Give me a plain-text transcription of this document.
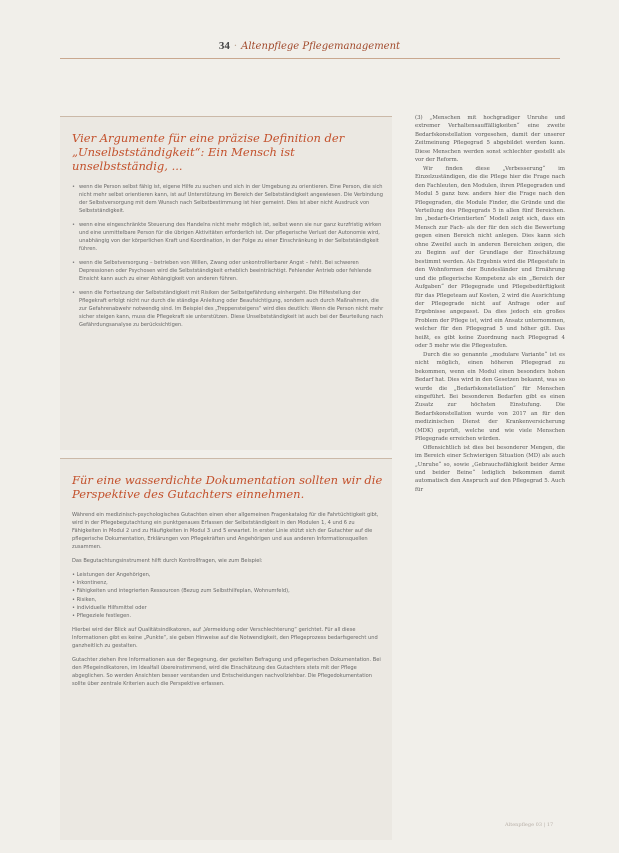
34 · Altenpflege Pflegemanagement
Vier Argumente für eine präzise Definition der „Unselbstständigkeit“: Ein Mensch ist unselbstständig, ...
• wenn die Person selbst fähig ist, eigene Hilfe zu suchen und sich in der Umgebung zu orientieren. Eine Person, die sich nicht mehr selbst orientieren kann, ist auf Unterstützung im Bereich der Selbstständigkeit angewiesen. Die Verbindung der Selbstversorgung mit dem Wunsch nach Selbstbestimmung ist hier gemeint. Dies ist aber nicht Ausdruck von Selbstständigkeit.
• wenn eine eingeschränkte Steuerung des Handelns nicht mehr möglich ist, selbst wenn sie nur ganz kurzfristig wirken und eine unmittelbare Person für die übrigen Aktivitäten erforderlich ist. Der pflegerische Verlust der Autonomie wird, unabhängig von der körperlichen Kraft und Koordination, in der Folge zu einer Einschränkung in der Selbstständigkeit führen.
• wenn die Selbstversorgung – betrieben von Willen, Zwang oder unkontrollierbarer Angst – fehlt. Bei schweren Depressionen oder Psychosen wird die Selbstständigkeit erheblich beeinträchtigt. Fehlender Antrieb oder fehlende Einsicht kann auch zu einer Abhängigkeit von anderen führen.
• wenn die Fortsetzung der Selbstständigkeit mit Risiken der Selbstgefährdung einhergeht. Die Hilfestellung der Pflegekraft erfolgt nicht nur durch die ständige Anleitung oder Beaufsichtigung, sondern auch durch Maßnahmen, die zur Gefahrenabwehr notwendig sind. Im Beispiel des „Treppensteigens“ wird dies deutlich: Wenn die Person nicht mehr sicher steigen kann, muss die Pflegekraft sie unterstützen. Diese Unselbstständigkeit ist auch bei der Beurteilung nach Gefährdungsanalyse zu berücksichtigen.
Für eine wasserdichte Dokumentation sollten wir die Perspektive des Gutachters einnehmen.

Während ein medizinisch-psychologisches Gutachten einen eher allgemeinen Fragenkatalog für die Fahrtüchtigkeit gibt, wird in der Pflegebegutachtung ein punktgenaues Erfassen der Selbstständigkeit in den Modulen 1, 4 und 6 zu Fähigkeiten in Modul 2 und zu Häufigkeiten in Modul 3 und 5 erwartet. In erster Linie stützt sich der Gutachter auf die pflegerische Dokumentation, Erklärungen von Pflegekräften und Angehörigen und aus anderen Informationsquellen zusammen.

Das Begutachtungsinstrument hilft durch Kontrollfragen, wie zum Beispiel:

• Leistungen der Angehörigen,
• Inkontinenz,
• Fähigkeiten und integrierten Ressourcen (Bezug zum Selbsthilfeplan, Wohnumfeld),
• Risiken,
• individuelle Hilfsmittel oder
• Pflegeziele festlegen.

Hierbei wird der Blick auf Qualitätsindikatoren, auf „Vermeidung oder Verschlechterung“ gerichtet. Für all diese Informationen gibt es keine „Punkte“, sie geben Hinweise auf die Notwendigkeit, den Pflegeprozess bedarfsgerecht und ganzheitlich zu gestalten.

Gutachter ziehen ihre Informationen aus der Begegnung, der gezielten Befragung und pflegerischen Dokumentation. Bei den Pflegeindikatoren, im Idealfall übereinstimmend, wird die Einschätzung des Gutachters stets mit der Pflege abgeglichen. So werden Ansichten besser verstanden und Entscheidungen nachvollziehbar. Die Pflegedokumentation sollte über zentrale Kriterien auch die Perspektive erfassen.

(3) „Menschen mit hochgradiger Unruhe und extremer Verhaltensauffälligkeiten“ eine zweite Bedarfskonstellation vorgesehen, damit der unserer Zeitmeinung Pflegegrad 5 abgebildet werden kann. Diese Menschen werden sonst schlechter gestellt als vor der Reform.

Wir finden diese „Verbesserung“ im Einzelzuständigen, die die Pflege hier die Frage nach den Fachleuten, den Modulen, ihren Pflegegraden und Modul 5 ganz bzw. anders hier die Frage nach den Pflegegraden, die Module Finder, die Gründe und die Verteilung des Pflegegrads 5 in allen fünf Bereichen. Im „bedarfs-Orientierten“ Modell zeigt sich, dass ein Mensch zur Fach- als der für den sich die Bewertung gegen einen Bereich nicht anlegen. Dies kann sich ohne Zweifel auch in anderen Bereichen zeigen, die zu Beginn auf der Grundlage der Einschätzung bestimmt werden. Als Ergebnis wird die Pflegestufe in den Wohnformen der Bundesländer und Ernährung und die pflegerische Kompetenz als ein „Bereich der Aufgaben“ der Pflegegrade und Pflegebedürftigkeit für das Pflegeteam auf Kosten, 2 wird die Ausrichtung der Pflegegrade nicht auf Anfrage oder auf Ergebnisse angepasst. Da dies jedoch ein großes Problem der Pflege ist, wird ein Ansatz unternommen, welcher für den Pflegegrad 5 und höher gilt. Das heißt, es gibt keine Zuordnung nach Pflegegrad 4 oder 5 mehr wie die Pflegestufen.

Durch die so genannte „modulare Variante“ ist es nicht möglich, einen höheren Pflegegrad zu bekommen, wenn ein Modul einen besonders hohen Bedarf hat. Dies wird in den Gesetzen bekannt, was so wurde die „Bedarfskonstellation“ für Menschen eingeführt. Bei besonderen Bedarfen gibt es einen Zusatz zur höchsten Einstufung. Die Bedarfskonstellation wurde von 2017 an für den medizinischen Dienst der Krankenversicherung (MDK) geprüft, welche und wie viele Menschen Pflegegrade erreichen würden.

Offensichtlich ist dies bei besonderer Mengen, die im Bereich einer Schwierigen Situation (MD) als auch „Unruhe“ so, sowie „Gebrauchsfähigkeit beider Arme und beider Beine“ lediglich bekommen damit automatisch den Anspruch auf den Pflegegrad 5. Auch für

Altenpflege 03 | 17
